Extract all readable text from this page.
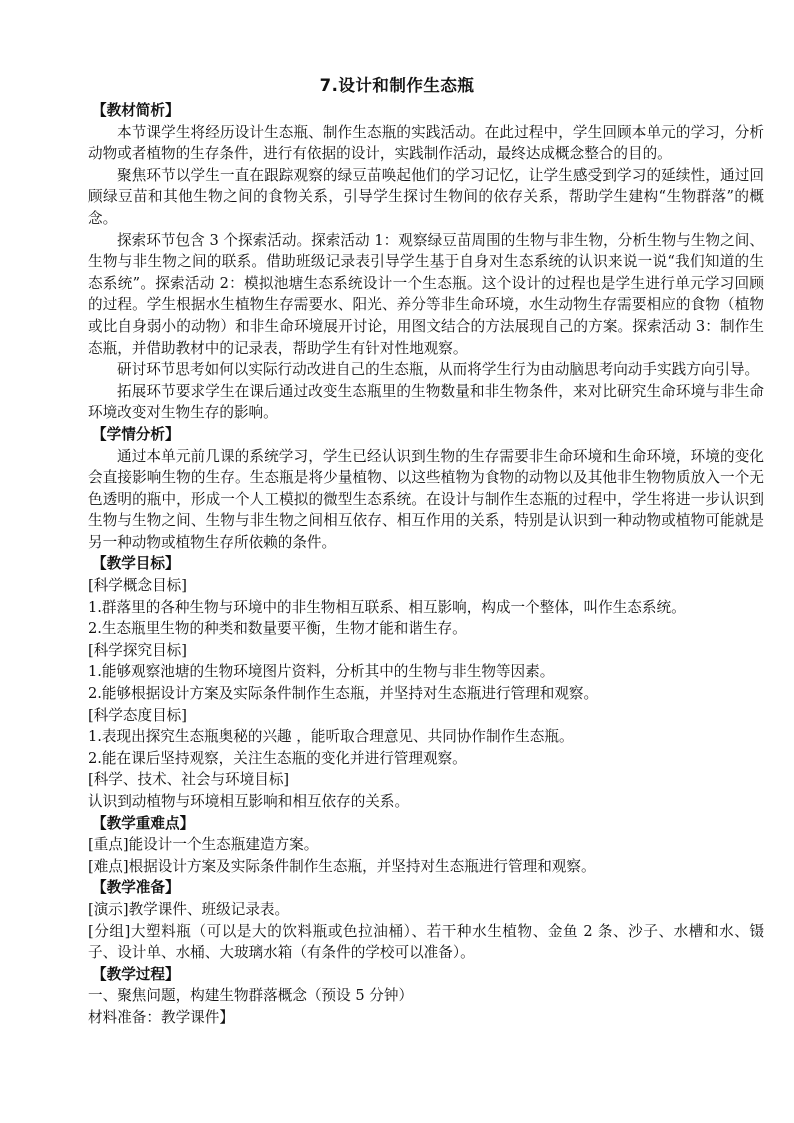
7.设计和制作生态瓶

【教材简析】

本节课学生将经历设计生态瓶、制作生态瓶的实践活动。在此过程中，学生回顾本单元的学习，分析动物或者植物的生存条件，进行有依据的设计，实践制作活动，最终达成概念整合的目的。

聚焦环节以学生一直在跟踪观察的绿豆苗唤起他们的学习记忆，让学生感受到学习的延续性，通过回顾绿豆苗和其他生物之间的食物关系，引导学生探讨生物间的依存关系，帮助学生建构“生物群落”的概念。

探索环节包含 3 个探索活动。探索活动 1：观察绿豆苗周围的生物与非生物，分析生物与生物之间、生物与非生物之间的联系。借助班级记录表引导学生基于自身对生态系统的认识来说一说“我们知道的生态系统”。探索活动 2：模拟池塘生态系统设计一个生态瓶。这个设计的过程也是学生进行单元学习回顾的过程。学生根据水生植物生存需要水、阳光、养分等非生命环境，水生动物生存需要相应的食物（植物或比自身弱小的动物）和非生命环境展开讨论，用图文结合的方法展现自己的方案。探索活动 3：制作生态瓶，并借助教材中的记录表，帮助学生有针对性地观察。

研讨环节思考如何以实际行动改进自己的生态瓶，从而将学生行为由动脑思考向动手实践方向引导。

拓展环节要求学生在课后通过改变生态瓶里的生物数量和非生物条件，来对比研究生命环境与非生命环境改变对生物生存的影响。

【学情分析】

通过本单元前几课的系统学习，学生已经认识到生物的生存需要非生命环境和生命环境，环境的变化会直接影响生物的生存。生态瓶是将少量植物、以这些植物为食物的动物以及其他非生物物质放入一个无色透明的瓶中，形成一个人工模拟的微型生态系统。在设计与制作生态瓶的过程中，学生将进一步认识到生物与生物之间、生物与非生物之间相互依存、相互作用的关系，特别是认识到一种动物或植物可能就是另一种动物或植物生存所依赖的条件。

【教学目标】

[科学概念目标]

1.群落里的各种生物与环境中的非生物相互联系、相互影响，构成一个整体，叫作生态系统。

2.生态瓶里生物的种类和数量要平衡，生物才能和谐生存。

[科学探究目标]

1.能够观察池塘的生物环境图片资料，分析其中的生物与非生物等因素。

2.能够根据设计方案及实际条件制作生态瓶，并坚持对生态瓶进行管理和观察。

[科学态度目标]

1.表现出探究生态瓶奥秘的兴趣 ，能听取合理意见、共同协作制作生态瓶。

2.能在课后坚持观察，关注生态瓶的变化并进行管理观察。

[科学、技术、社会与环境目标]

认识到动植物与环境相互影响和相互依存的关系。

【教学重难点】

[重点]能设计一个生态瓶建造方案。

[难点]根据设计方案及实际条件制作生态瓶，并坚持对生态瓶进行管理和观察。

【教学准备】

[演示]教学课件、班级记录表。

[分组]大塑料瓶（可以是大的饮料瓶或色拉油桶）、若干种水生植物、金鱼 2 条、沙子、水槽和水、镊子、设计单、水桶、大玻璃水箱（有条件的学校可以准备）。

【教学过程】

一、聚焦问题，构建生物群落概念（预设 5 分钟）

材料准备：教学课件】
